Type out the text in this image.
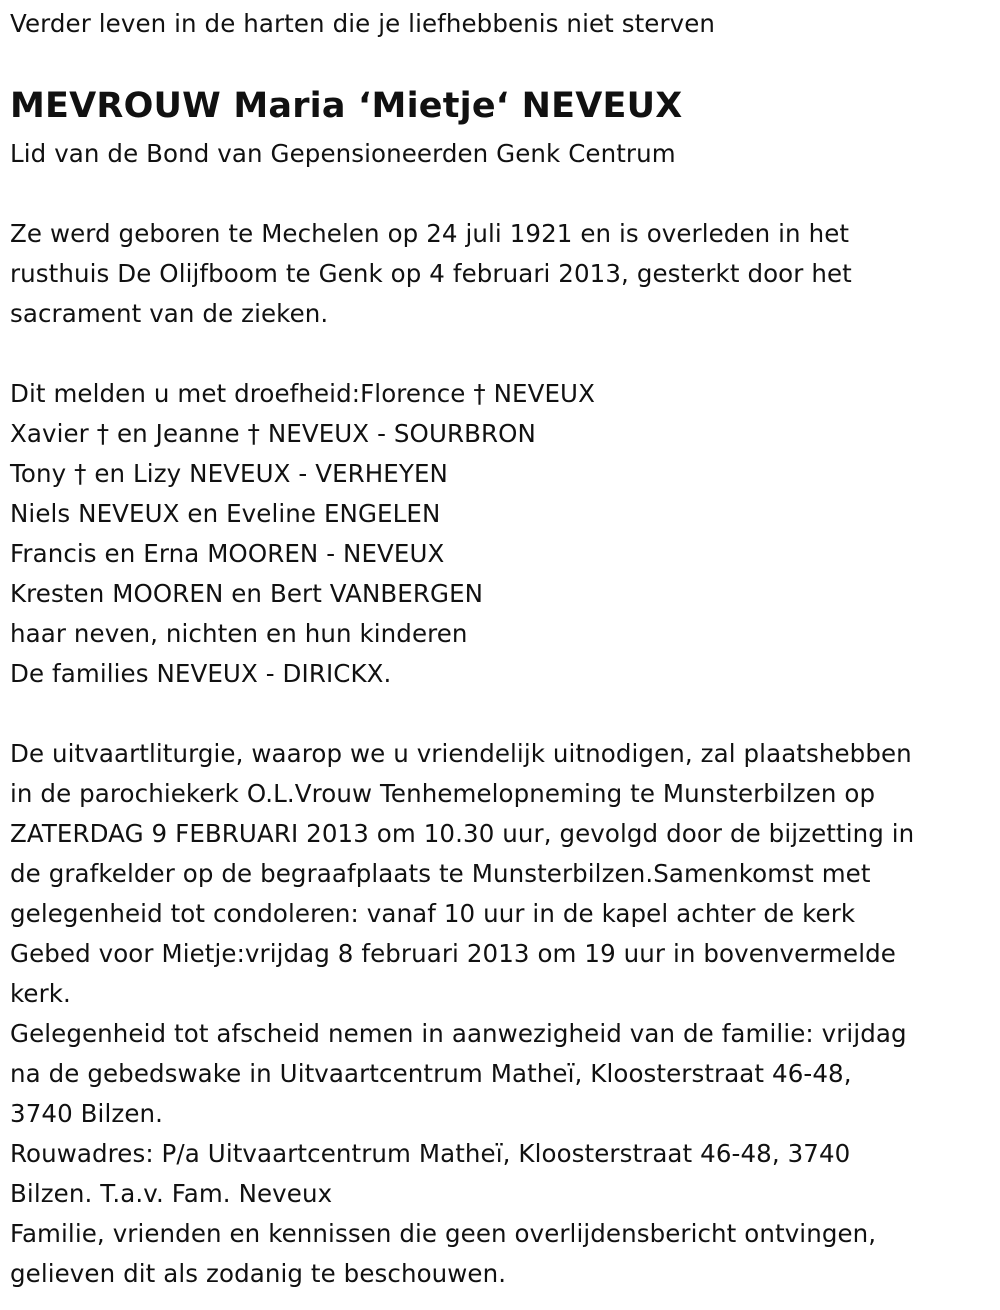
Verder leven in de harten die je liefhebbenis niet sterven
MEVROUW Maria ‘Mietje‘ NEVEUX
Lid van de Bond van Gepensioneerden Genk Centrum
Ze werd geboren te Mechelen op 24 juli 1921 en is overleden in het
rusthuis De Olijfboom te Genk op 4 februari 2013, gesterkt door het
sacrament van de zieken.
Dit melden u met droefheid:Florence † NEVEUX
Xavier † en Jeanne † NEVEUX - SOURBRON
Tony † en Lizy NEVEUX - VERHEYEN
Niels NEVEUX en Eveline ENGELEN
Francis en Erna MOOREN - NEVEUX
Kresten MOOREN en Bert VANBERGEN
haar neven, nichten en hun kinderen
De families NEVEUX - DIRICKX.
De uitvaartliturgie, waarop we u vriendelijk uitnodigen, zal plaatshebben
in de parochiekerk O.L.Vrouw Tenhemelopneming te Munsterbilzen op
ZATERDAG 9 FEBRUARI 2013 om 10.30 uur, gevolgd door de bijzetting in
de grafkelder op de begraafplaats te Munsterbilzen.Samenkomst met
gelegenheid tot condoleren: vanaf 10 uur in de kapel achter de kerk
Gebed voor Mietje:vrijdag 8 februari 2013 om 19 uur in bovenvermelde
kerk.
Gelegenheid tot afscheid nemen in aanwezigheid van de familie: vrijdag
na de gebedswake in Uitvaartcentrum Matheï, Kloosterstraat 46-48,
3740 Bilzen.
Rouwadres: P/a Uitvaartcentrum Matheï, Kloosterstraat 46-48, 3740
Bilzen. T.a.v. Fam. Neveux
Familie, vrienden en kennissen die geen overlijdensbericht ontvingen,
gelieven dit als zodanig te beschouwen.
